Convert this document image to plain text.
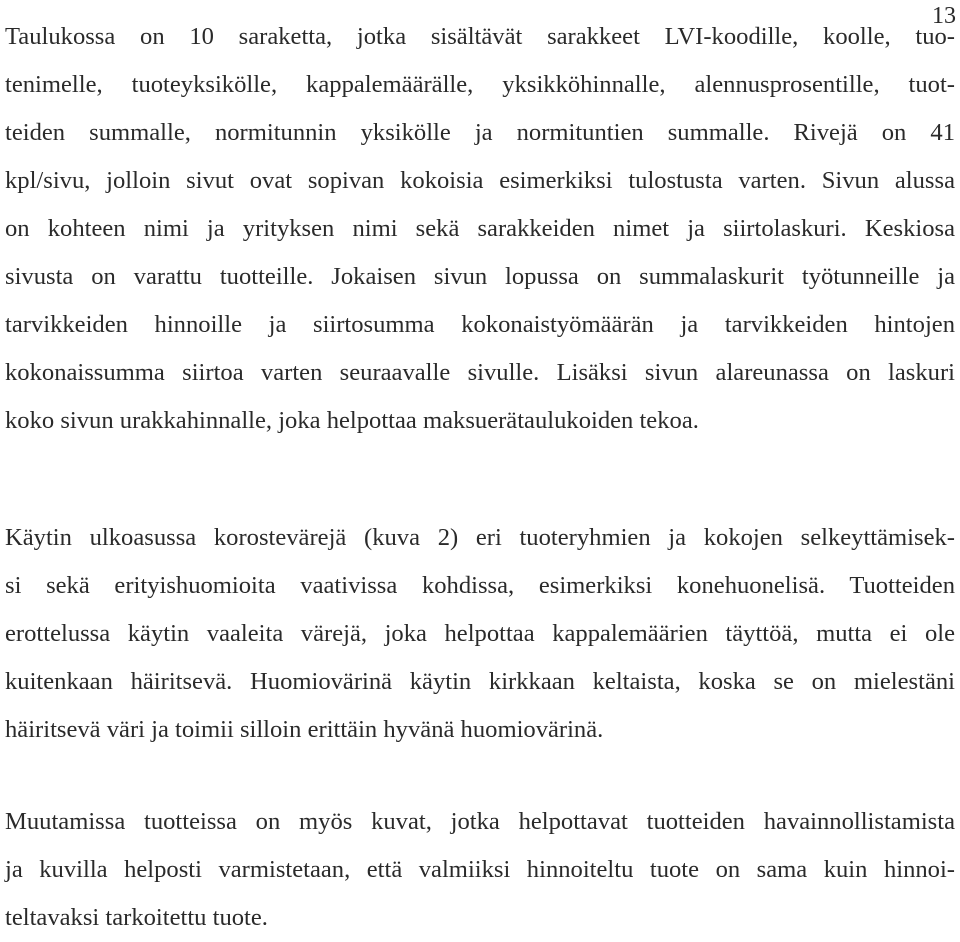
13

Taulukossa on 10 saraketta, jotka sisältävät sarakkeet LVI-koodille, koolle, tuo-
tenimelle, tuoteyksikölle, kappalemäärälle, yksikköhinnalle, alennusprosentille, tuot-
teiden summalle, normitunnin yksikölle ja normituntien summalle. Rivejä on 41
kpl/sivu, jolloin sivut ovat sopivan kokoisia esimerkiksi tulostusta varten. Sivun alussa
on kohteen nimi ja yrityksen nimi sekä sarakkeiden nimet ja siirtolaskuri. Keskiosa
sivusta on varattu tuotteille. Jokaisen sivun lopussa on summalaskurit työtunneille ja
tarvikkeiden hinnoille ja siirtosumma kokonaistyömäärän ja tarvikkeiden hintojen
kokonaissumma siirtoa varten seuraavalle sivulle. Lisäksi sivun alareunassa on laskuri
koko sivun urakkahinnalle, joka helpottaa maksuerätaulukoiden tekoa.

Käytin ulkoasussa korostevärejä (kuva 2) eri tuoteryhmien ja kokojen selkeyttämisek-
si sekä erityishuomioita vaativissa kohdissa, esimerkiksi konehuonelisä. Tuotteiden
erottelussa käytin vaaleita värejä, joka helpottaa kappalemäärien täyttöä, mutta ei ole
kuitenkaan häiritsevä. Huomiovärinä käytin kirkkaan keltaista, koska se on mielestäni
häiritsevä väri ja toimii silloin erittäin hyvänä huomiovärinä.

Muutamissa tuotteissa on myös kuvat, jotka helpottavat tuotteiden havainnollistamista
ja kuvilla helposti varmistetaan, että valmiiksi hinnoiteltu tuote on sama kuin hinnoi-
teltavaksi tarkoitettu tuote.
